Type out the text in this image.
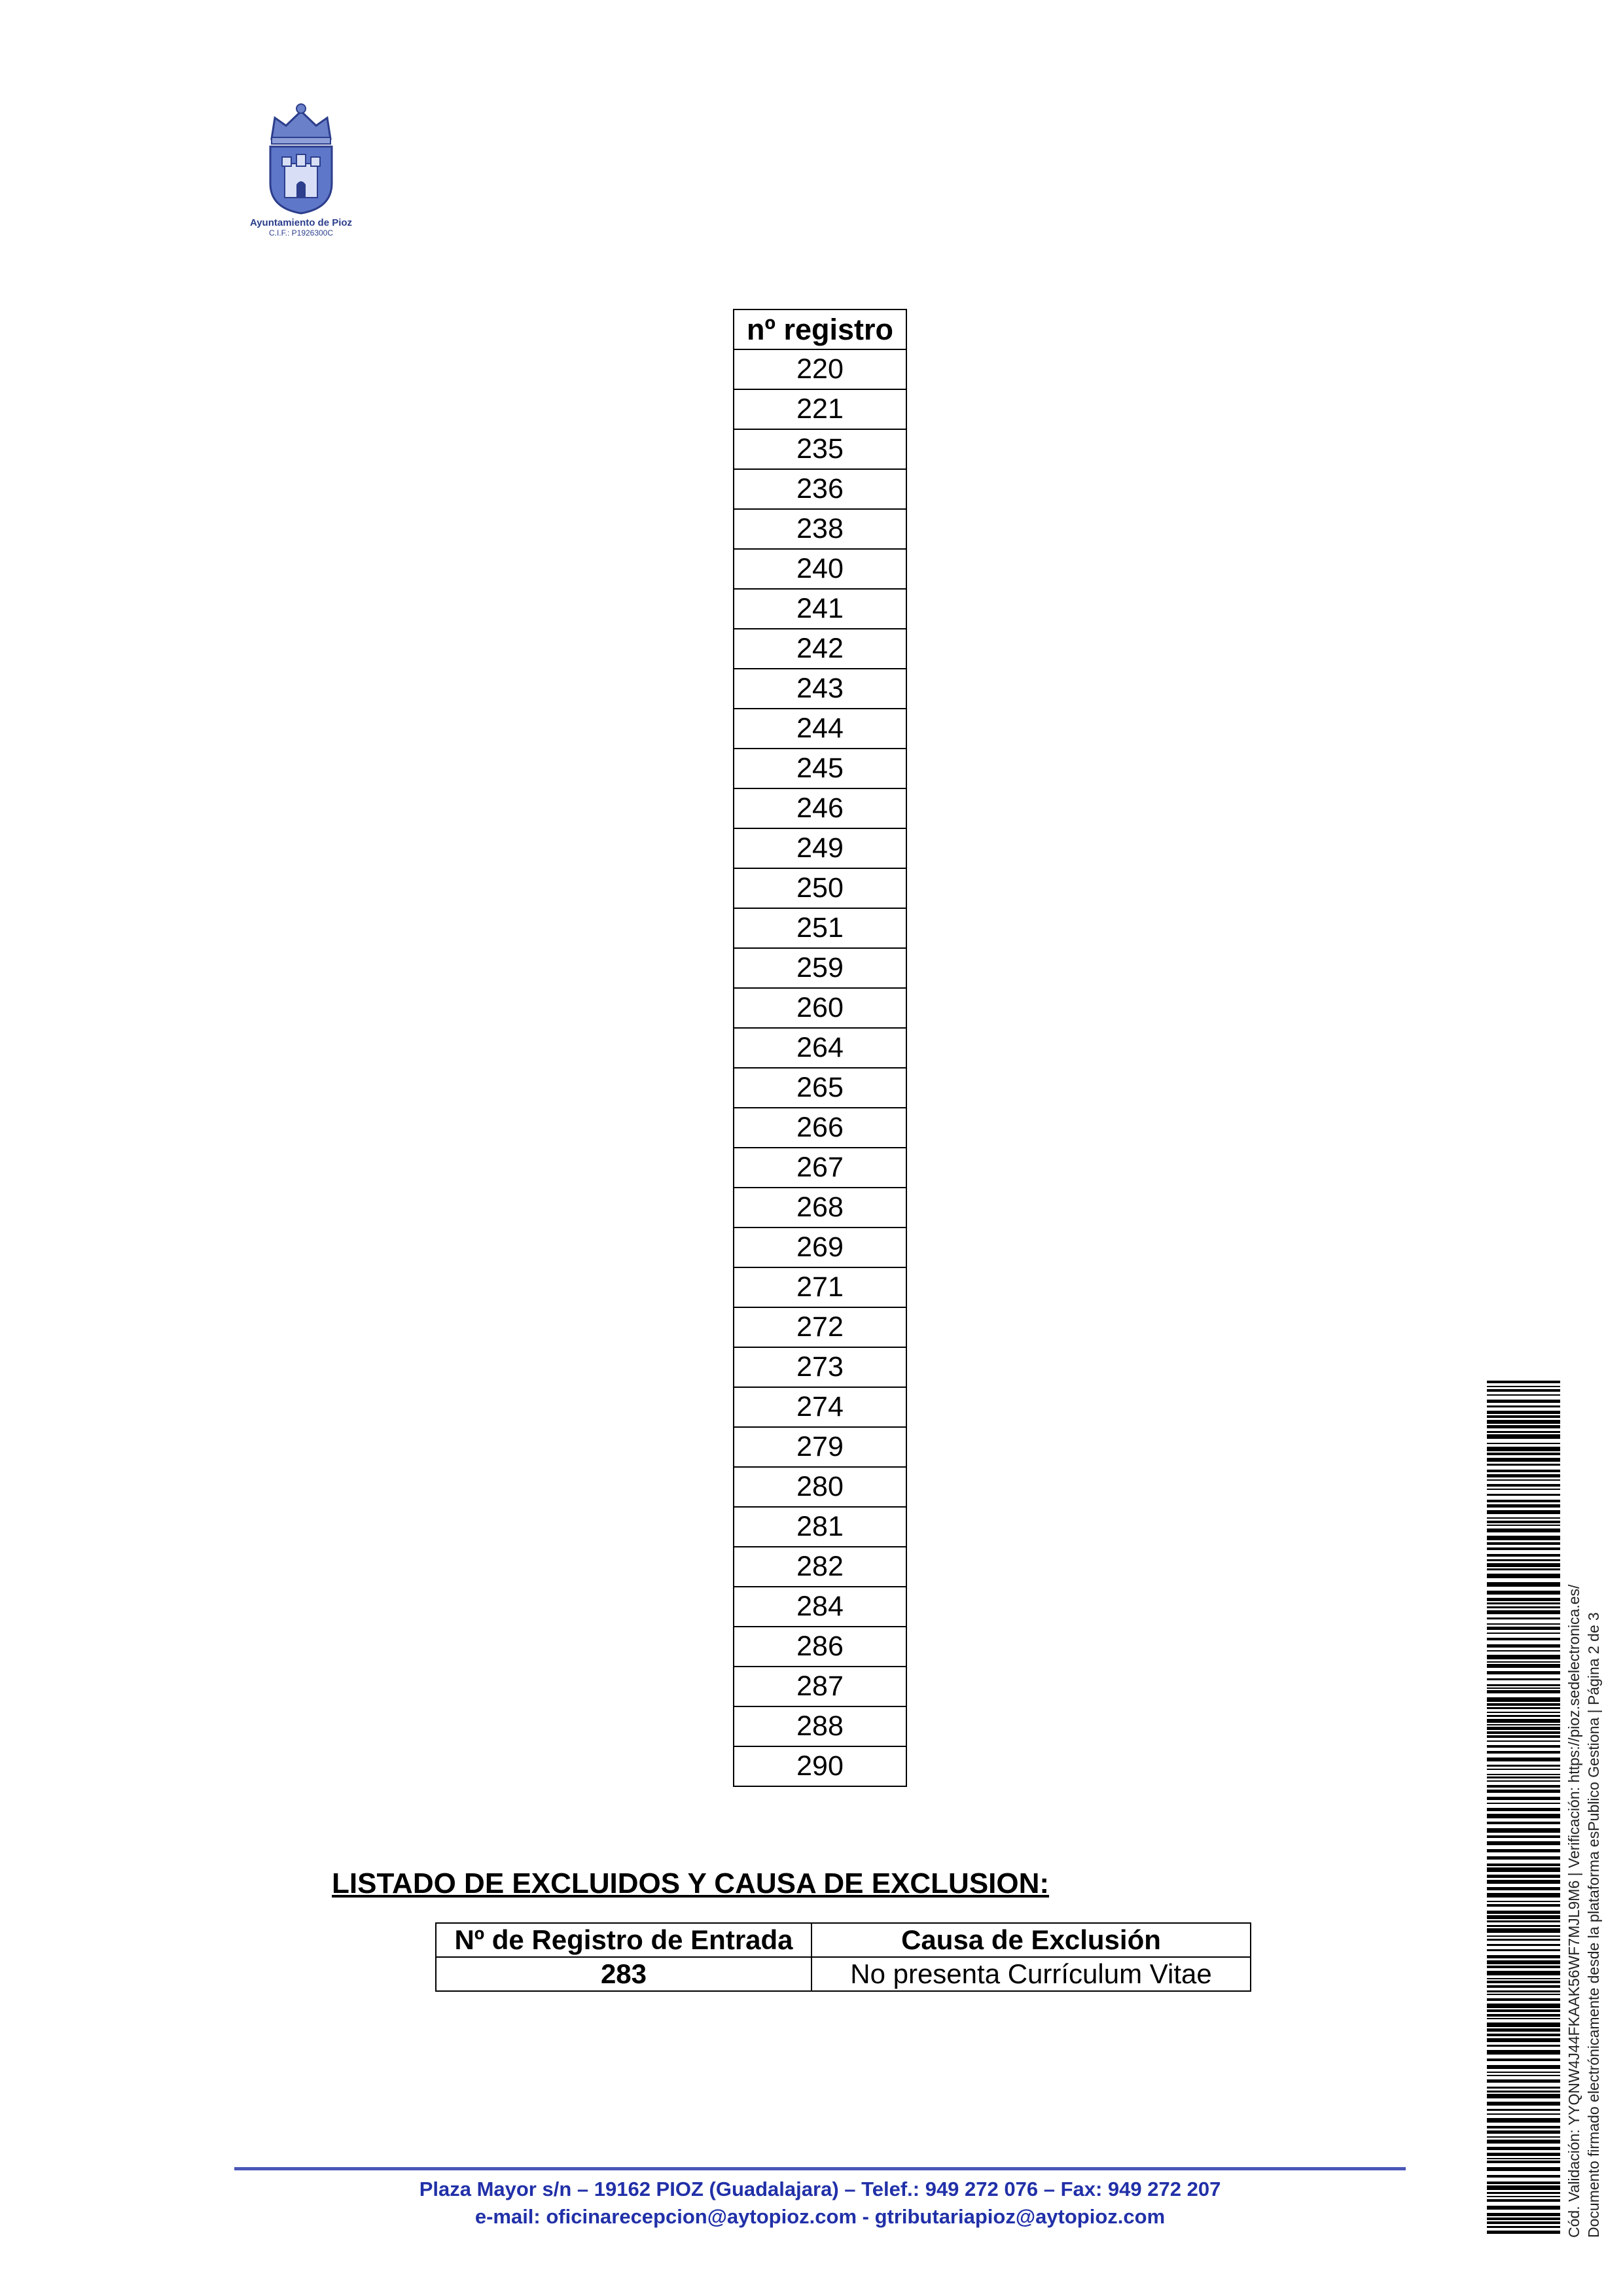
Ayuntamiento de Pioz
C.I.F.: P1926300C
nº registro
220
221
235
236
238
240
241
242
243
244
245
246
249
250
251
259
260
264
265
266
267
268
269
271
272
273
274
279
280
281
282
284
286
287
288
290
LISTADO DE EXCLUIDOS Y CAUSA DE EXCLUSION:
Nº de Registro de Entrada	Causa de Exclusión
283	No presenta Currículum Vitae
Plaza Mayor s/n – 19162 PIOZ (Guadalajara) – Telef.: 949 272 076 – Fax: 949 272 207
e-mail: oficinarecepcion@aytopioz.com - gtributariapioz@aytopioz.com	Cód. Validación: YYQNW4J44FKAAK56WF7MJL9M6 | Verificación: https://pioz.sedelectronica.es/ Documento firmado electrónicamente desde la plataforma esPublico Gestiona | Página 2 de 3
